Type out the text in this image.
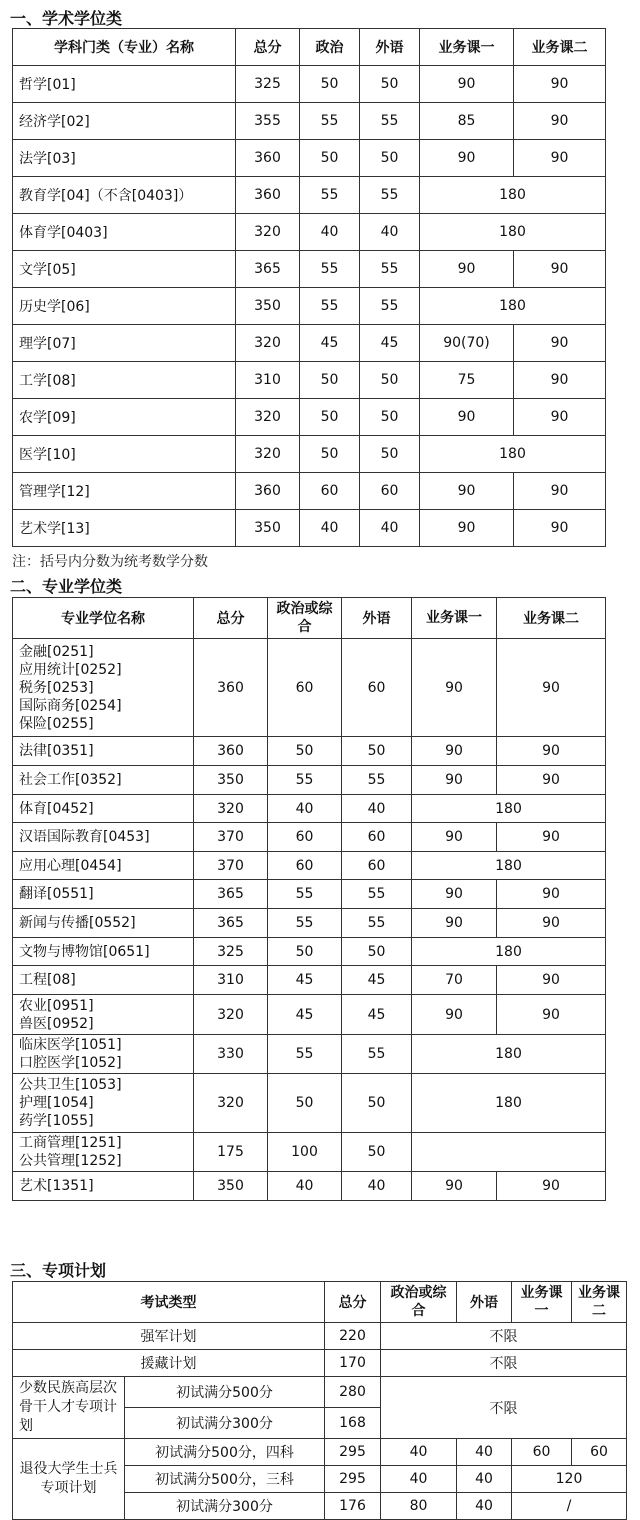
一、学术学位类
学科门类（专业）名称	总分	政治	外语	业务课一	业务课二
哲学[01]	325	50	50	90	90
经济学[02]	355	55	55	85	90
法学[03]	360	50	50	90	90
教育学[04]（不含[0403]）	360	55	55	180	
体育学[0403]	320	40	40	180	
文学[05]	365	55	55	90	90
历史学[06]	350	55	55	180	
理学[07]	320	45	45	90(70)	90
工学[08]	310	50	50	75	90
农学[09]	320	50	50	90	90
医学[10]	320	50	50	180	
管理学[12]	360	60	60	90	90
艺术学[13]	350	40	40	90	90
注：括号内分数为统考数学分数
二、专业学位类
专业学位名称	总分	政治或综合	外语	业务课一	业务课二

金融[0251]
应用统计[0252]
税务[0253]
国际商务[0254]
保险[0255]	360	60	60	90	90

法律[0351]	360	50	50	90	90

社会工作[0352]	350	55	55	90	90

体育[0452]	320	40	40	180	

汉语国际教育[0453]	370	60	60	90	90

应用心理[0454]	370	60	60	180	

翻译[0551]	365	55	55	90	90

新闻与传播[0552]	365	55	55	90	90

文物与博物馆[0651]	325	50	50	180	

工程[08]	310	45	45	70	90

农业[0951]
兽医[0952]	320	45	45	90	90

临床医学[1051]
口腔医学[1052]	330	55	55	180	

公共卫生[1053]
护理[1054]
药学[1055]	320	50	50	180	

工商管理[1251]
公共管理[1252]	175	100	50		

艺术[1351]	350	40	40	90	90
三、专项计划
考试类型		总分	政治或综合	外语	业务课一	业务课二
强军计划		220	不限			
援藏计划		170	不限			
少数民族高层次骨干人才专项计划	初试满分500分	280	不限			
	初试满分300分	168				
退役大学生士兵专项计划	初试满分500分，四科	295	40	40	60	60
	初试满分500分，三科	295	40	40	120	
	初试满分300分	176	80	40	/	
